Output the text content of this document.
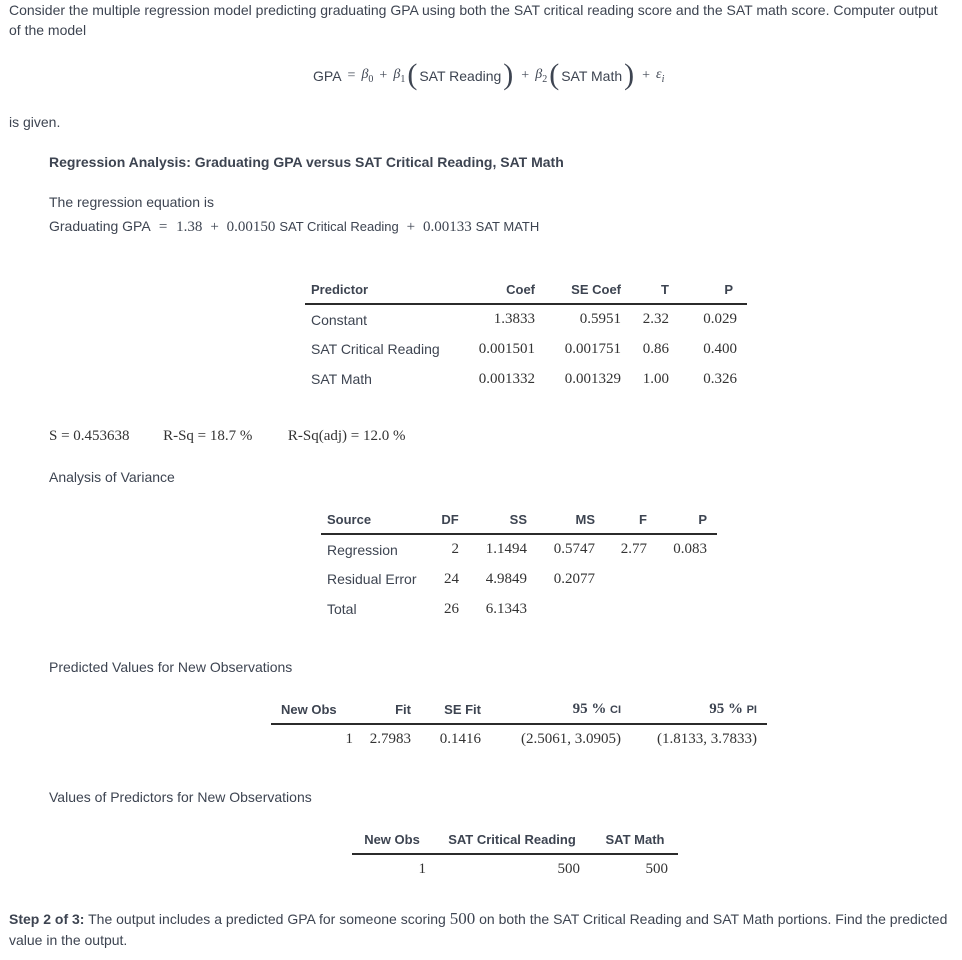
Consider the multiple regression model predicting graduating GPA using both the SAT critical reading score and the SAT math score. Computer output of the model
GPA = $\beta_0 + \beta_1$ ( SAT Reading ) + $\beta_2$ ( SAT Math ) + $\varepsilon_i$
is given.
Regression Analysis: Graduating GPA versus SAT Critical Reading, SAT Math
The regression equation is
Graduating GPA = 1.38 + 0.00150 SAT Critical Reading + 0.00133 SAT MATH
Predictor	Coef	SE Coef	T	P
Constant	1.3833	0.5951	2.32	0.029
SAT Critical Reading	0.001501	0.001751	0.86	0.400
SAT Math	0.001332	0.001329	1.00	0.326
S = 0.453638 R-Sq = 18.7 % R-Sq(adj) = 12.0 %
Analysis of Variance
Source	DF	SS	MS	F	P
Regression	2	1.1494	0.5747	2.77	0.083
Residual Error	24	4.9849	0.2077		
Total	26	6.1343			
Predicted Values for New Observations
New Obs	Fit	SE Fit	95 % CI	95 % PI
1	2.7983	0.1416	(2.5061, 3.0905)	(1.8133, 3.7833)
Values of Predictors for New Observations
New Obs	SAT Critical Reading	SAT Math
1	500	500
Step 2 of 3: The output includes a predicted GPA for someone scoring 500 on both the SAT Critical Reading and SAT Math portions. Find the predicted value in the output.
